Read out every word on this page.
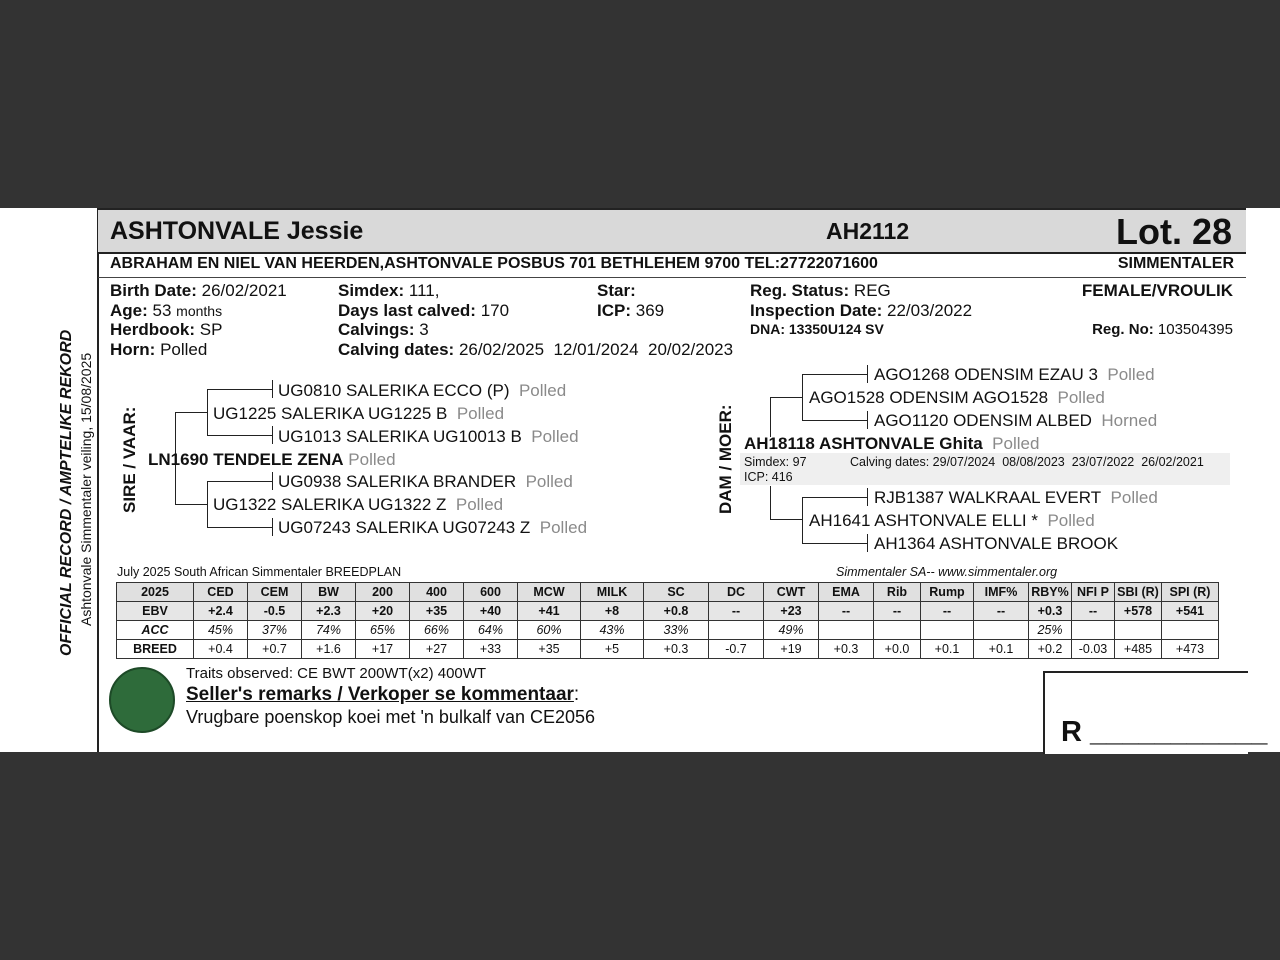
OFFICIAL RECORD / AMPTELIKE REKORD Ashtonvale Simmentaler veiling, 15/08/2025
ASHTONVALE Jessie	AH2112	Lot. 28
ABRAHAM EN NIEL VAN HEERDEN,ASHTONVALE POSBUS 701 BETHLEHEM 9700 TEL:27722071600	SIMMENTALER
Birth Date: 26/02/2021
Age: 53 months
Herdbook: SP
Horn: Polled
Simdex: 111,
Days last calved: 170
Calvings: 3
Calving dates: 26/02/2025  12/01/2024  20/02/2023
Star:
ICP: 369
Reg. Status: REG
Inspection Date: 22/03/2022
DNA: 13350U124 SV
FEMALE/VROULIK
Reg. No: 103504395
SIRE / VAAR:
UG0810 SALERIKA ECCO (P) Polled
UG1225 SALERIKA UG1225 B Polled
UG1013 SALERIKA UG10013 B Polled
LN1690 TENDELE ZENA Polled
UG0938 SALERIKA BRANDER Polled
UG1322 SALERIKA UG1322 Z Polled
UG07243 SALERIKA UG07243 Z Polled
DAM / MOER:
AGO1268 ODENSIM EZAU 3 Polled
AGO1528 ODENSIM AGO1528 Polled
AGO1120 ODENSIM ALBED Horned
AH18118 ASHTONVALE Ghita Polled
Simdex: 97	Calving dates: 29/07/2024  08/08/2023  23/07/2022  26/02/2021
ICP: 416
RJB1387 WALKRAAL EVERT Polled
AH1641 ASHTONVALE ELLI * Polled
AH1364 ASHTONVALE BROOK
July 2025 South African Simmentaler BREEDPLAN	Simmentaler SA-- www.simmentaler.org
2025	CED	CEM	BW	200	400	600	MCW	MILK	SC	DC	CWT	EMA	Rib	Rump	IMF%	RBY%	NFI P	SBI (R)	SPI (R)
EBV	+2.4	-0.5	+2.3	+20	+35	+40	+41	+8	+0.8	--	+23	--	--	--	--	+0.3	--	+578	+541
ACC	45%	37%	74%	65%	66%	64%	60%	43%	33%		49%					25%			
BREED	+0.4	+0.7	+1.6	+17	+27	+33	+35	+5	+0.3	-0.7	+19	+0.3	+0.0	+0.1	+0.1	+0.2	-0.03	+485	+473
Traits observed: CE BWT 200WT(x2) 400WT
Seller's remarks / Verkoper se kommentaar:
Vrugbare poenskop koei met 'n bulkalf van CE2056	R ___________
